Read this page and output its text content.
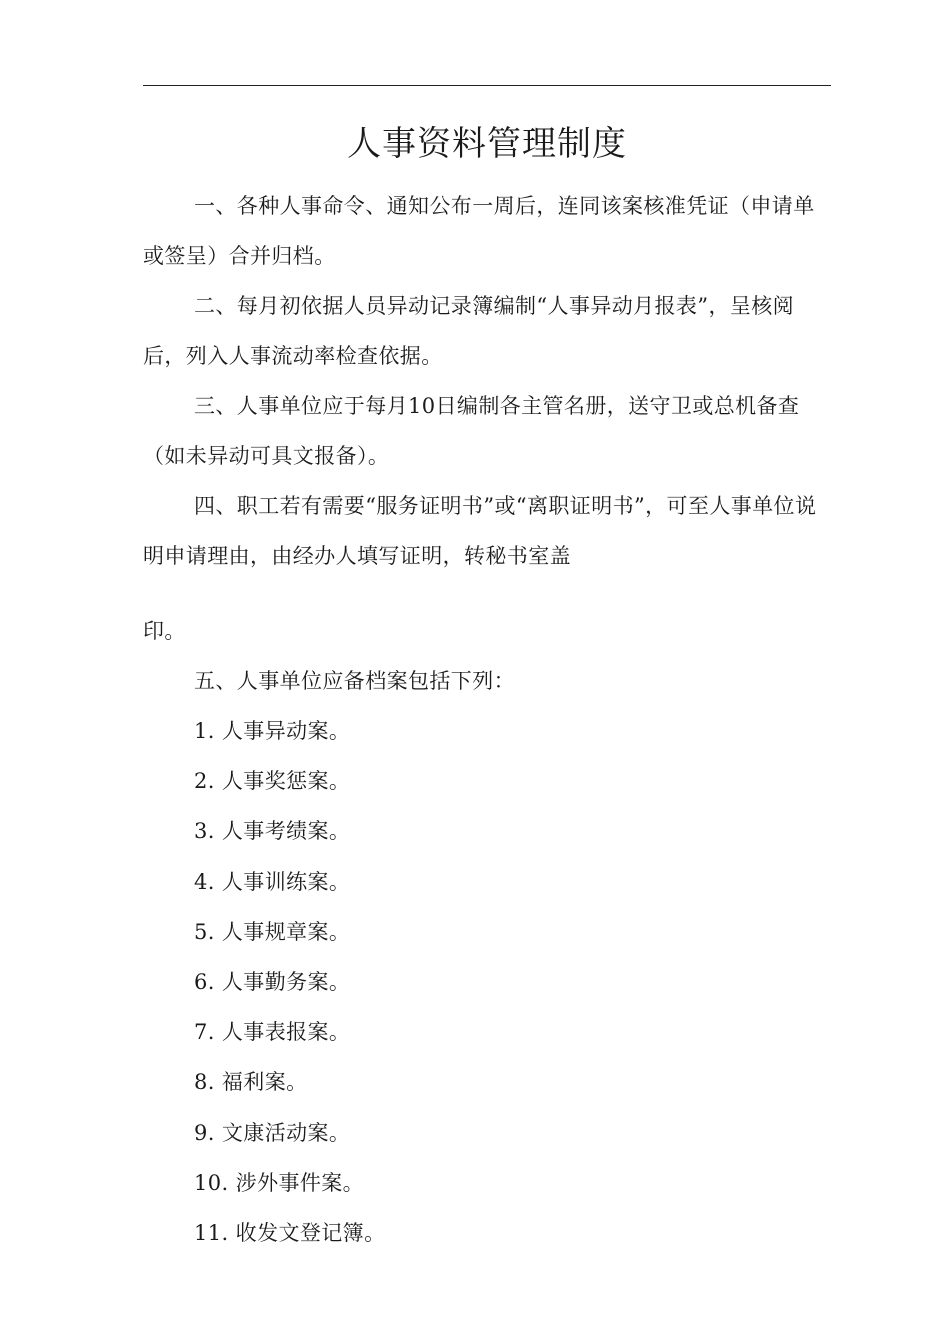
人事资料管理制度

一、各种人事命令、通知公布一周后，连同该案核准凭证（申请单或签呈）合并归档。

二、每月初依据人员异动记录簿编制“人事异动月报表”，呈核阅后，列入人事流动率检查依据。

三、人事单位应于每月10日编制各主管名册，送守卫或总机备查（如未异动可具文报备）。

四、职工若有需要“服务证明书”或“离职证明书”，可至人事单位说明申请理由，由经办人填写证明，转秘书室盖

印。

五、人事单位应备档案包括下列：

1. 人事异动案。

2. 人事奖惩案。

3. 人事考绩案。

4. 人事训练案。

5. 人事规章案。

6. 人事勤务案。

7. 人事表报案。

8. 福利案。

9. 文康活动案。

10. 涉外事件案。

11. 收发文登记簿。
